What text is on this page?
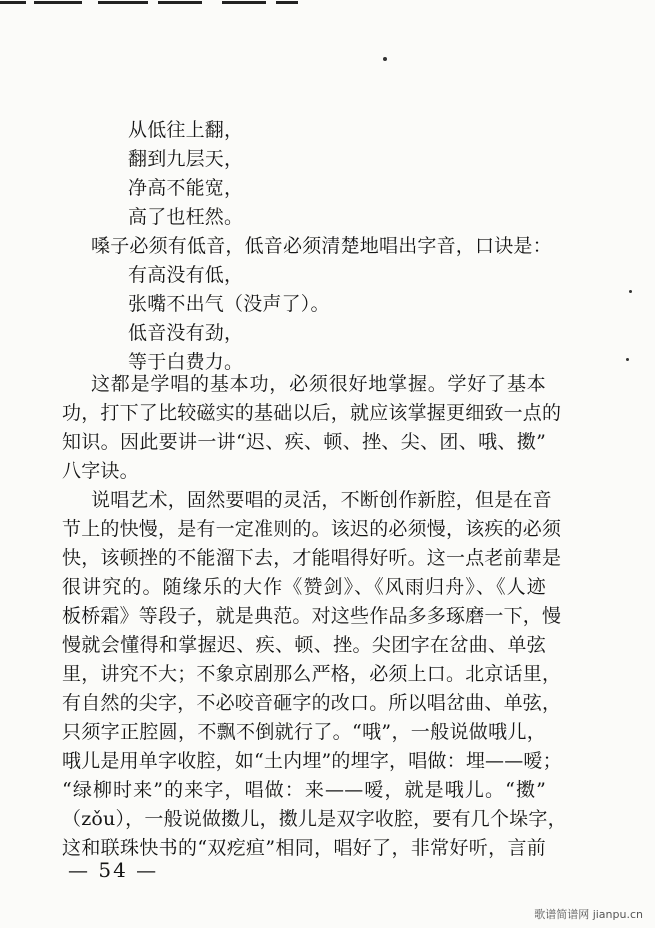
从低往上翻，
翻到九层天，
净高不能宽，
高了也枉然。
嗓子必须有低音，低音必须清楚地唱出字音，口诀是：
有高没有低，
张嘴不出气（没声了）。
低音没有劲，
等于白费力。
这都是学唱的基本功，必须很好地掌握。学好了基本
功，打下了比较磁实的基础以后，就应该掌握更细致一点的
知识。因此要讲一讲“迟、疾、顿、挫、尖、团、哦、擞”
八字诀。
说唱艺术，固然要唱的灵活，不断创作新腔，但是在音
节上的快慢，是有一定准则的。该迟的必须慢，该疾的必须
快，该顿挫的不能溜下去，才能唱得好听。这一点老前辈是
很讲究的。随缘乐的大作《赞剑》、《风雨归舟》、《人迹
板桥霜》等段子，就是典范。对这些作品多多琢磨一下，慢
慢就会懂得和掌握迟、疾、顿、挫。尖团字在岔曲、单弦
里，讲究不大；不象京剧那么严格，必须上口。北京话里，
有自然的尖字，不必咬音砸字的改口。所以唱岔曲、单弦，
只须字正腔圆，不飘不倒就行了。“哦”，一般说做哦儿，
哦儿是用单字收腔，如“土内埋”的埋字，唱做：埋——嗳；
“绿柳时来”的来字，唱做：来——嗳，就是哦儿。“擞”
（zǒu），一般说做擞儿，擞儿是双字收腔，要有几个垛字，
这和联珠快书的“双疙疸”相同，唱好了，非常好听，言前
— 54 —
歌谱简谱网 jianpu.cn
